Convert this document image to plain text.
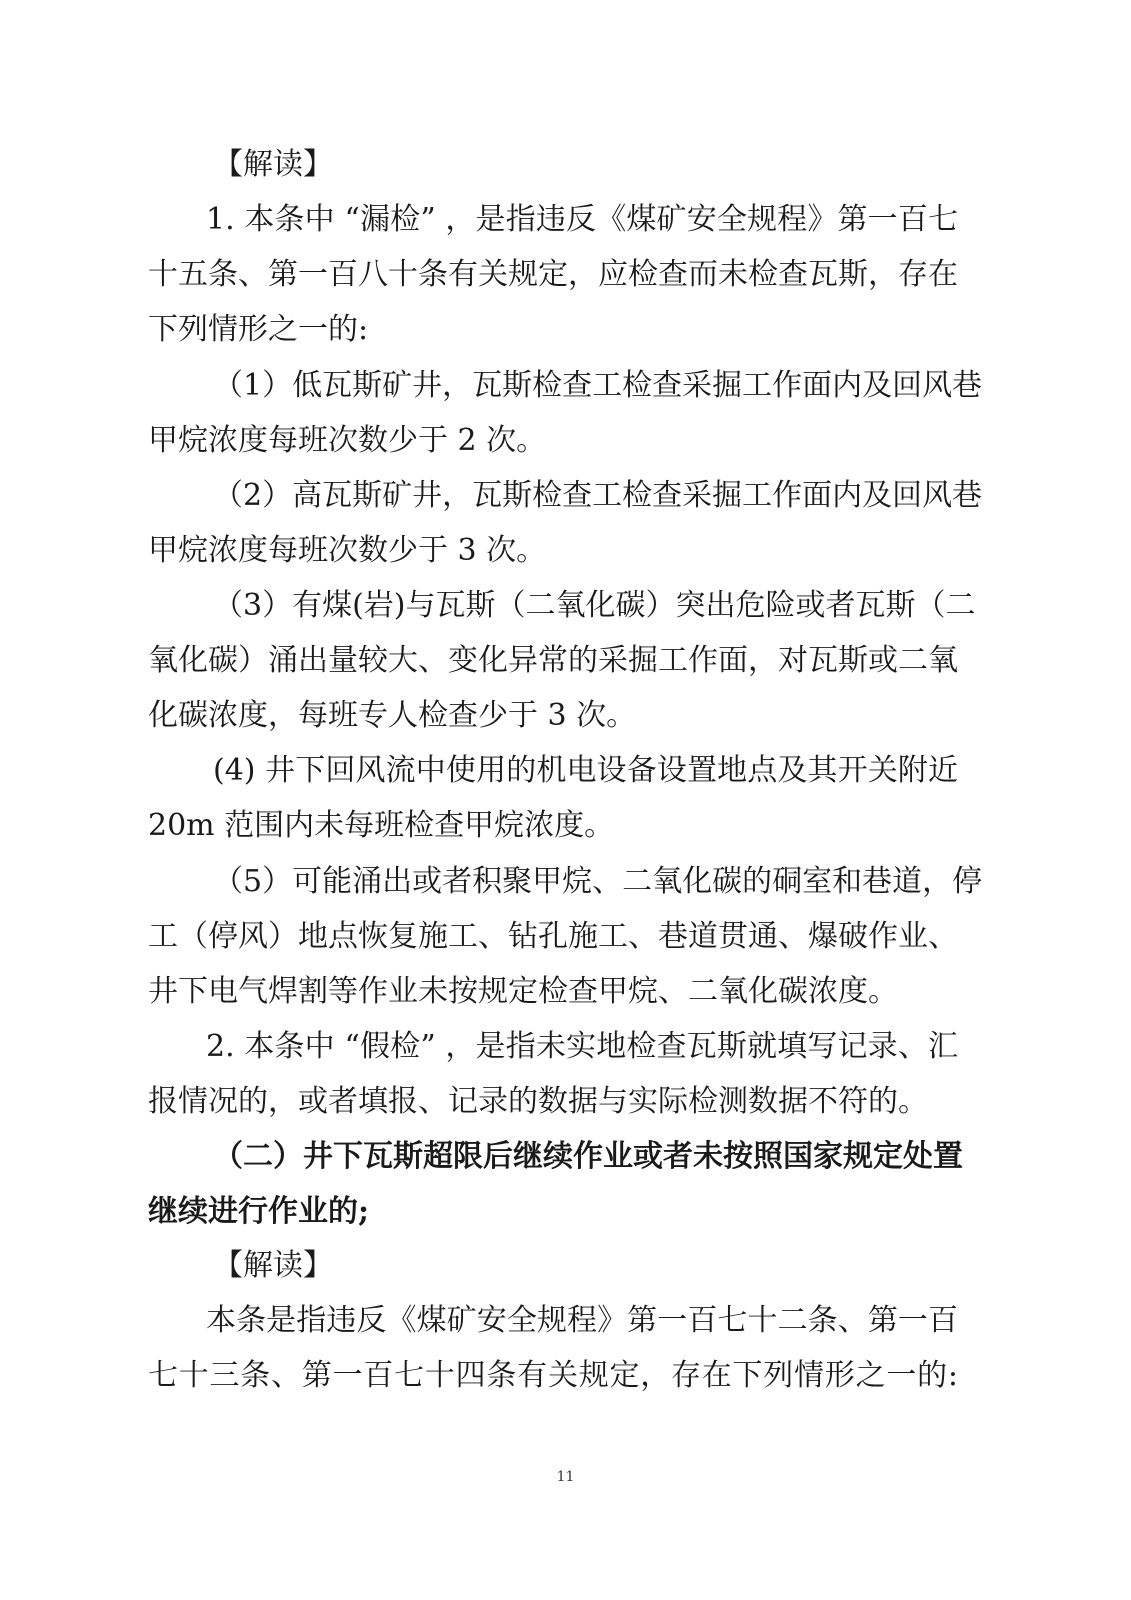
【解读】
1. 本条中 “漏检” ，是指违反《煤矿安全规程》第一百七
十五条、第一百八十条有关规定，应检查而未检查瓦斯，存在
下列情形之一的:
（1）低瓦斯矿井，瓦斯检查工检查采掘工作面内及回风巷
甲烷浓度每班次数少于 2 次。
（2）高瓦斯矿井，瓦斯检查工检查采掘工作面内及回风巷
甲烷浓度每班次数少于 3 次。
（3）有煤(岩)与瓦斯（二氧化碳）突出危险或者瓦斯（二
氧化碳）涌出量较大、变化异常的采掘工作面，对瓦斯或二氧
化碳浓度，每班专人检查少于 3 次。
(4) 井下回风流中使用的机电设备设置地点及其开关附近
20m 范围内未每班检查甲烷浓度。
（5）可能涌出或者积聚甲烷、二氧化碳的硐室和巷道，停
工（停风）地点恢复施工、钻孔施工、巷道贯通、爆破作业、
井下电气焊割等作业未按规定检查甲烷、二氧化碳浓度。
2. 本条中 “假检” ，是指未实地检查瓦斯就填写记录、汇
报情况的，或者填报、记录的数据与实际检测数据不符的。
（二）井下瓦斯超限后继续作业或者未按照国家规定处置
继续进行作业的;
【解读】
本条是指违反《煤矿安全规程》第一百七十二条、第一百
七十三条、第一百七十四条有关规定，存在下列情形之一的:
11
